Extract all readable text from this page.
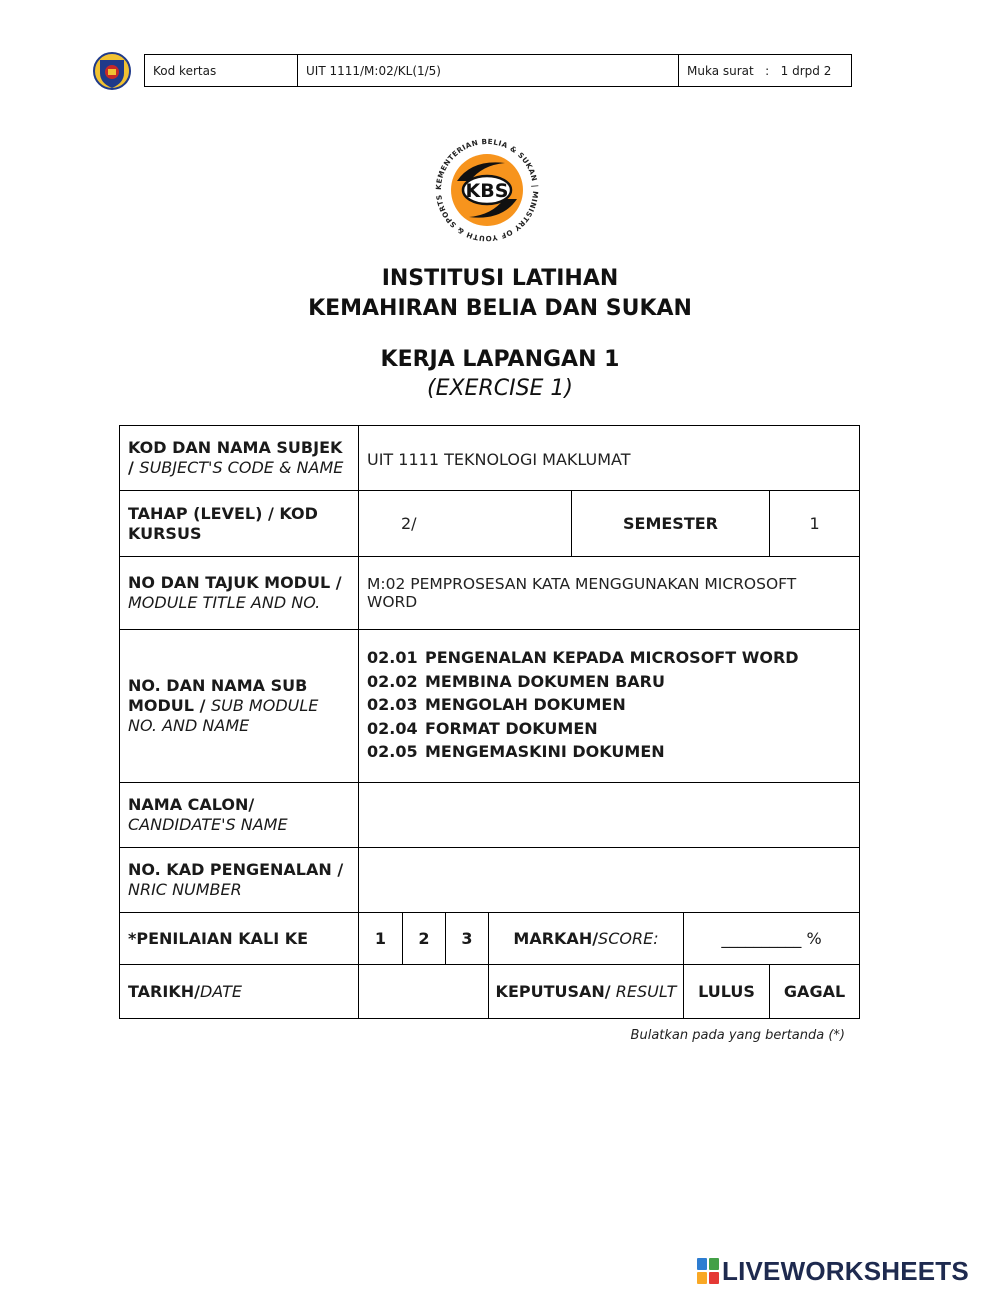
Kod kertas	UIT 1111/M:02/KL(1/5)	Muka surat   :   1 drpd 2
KEMENTERIAN BELIA & SUKAN | MINISTRY OF YOUTH & SPORTS	KBS
INSTITUSI LATIHAN
KEMAHIRAN BELIA DAN SUKAN
KERJA LAPANGAN 1
(EXERCISE 1)
KOD DAN NAMA SUBJEK
/ SUBJECT'S CODE & NAME	UIT 1111 TEKNOLOGI MAKLUMAT						
TAHAP (LEVEL) / KOD KURSUS	2/				SEMESTER		1
NO DAN TAJUK MODUL /
MODULE TITLE AND NO.	M:02 PEMPROSESAN KATA MENGGUNAKAN MICROSOFT WORD						
NO. DAN NAMA SUB MODUL / SUB MODULE NO. AND NAME	02.01 PENGENALAN KEPADA MICROSOFT WORD
02.02 MEMBINA DOKUMEN BARU
02.03 MENGOLAH DOKUMEN
02.04 FORMAT DOKUMEN
02.05 MENGEMASKINI DOKUMEN						

NAMA CALON/
CANDIDATE'S NAME							
NO. KAD PENGENALAN /
NRIC NUMBER							
*PENILAIAN KALI KE	1	2	3	MARKAH/SCORE:		__________ %	
TARIKH/DATE				KEPUTUSAN/ RESULT		LULUS	GAGAL
Bulatkan pada yang bertanda (*)
LIVEWORKSHEETS
